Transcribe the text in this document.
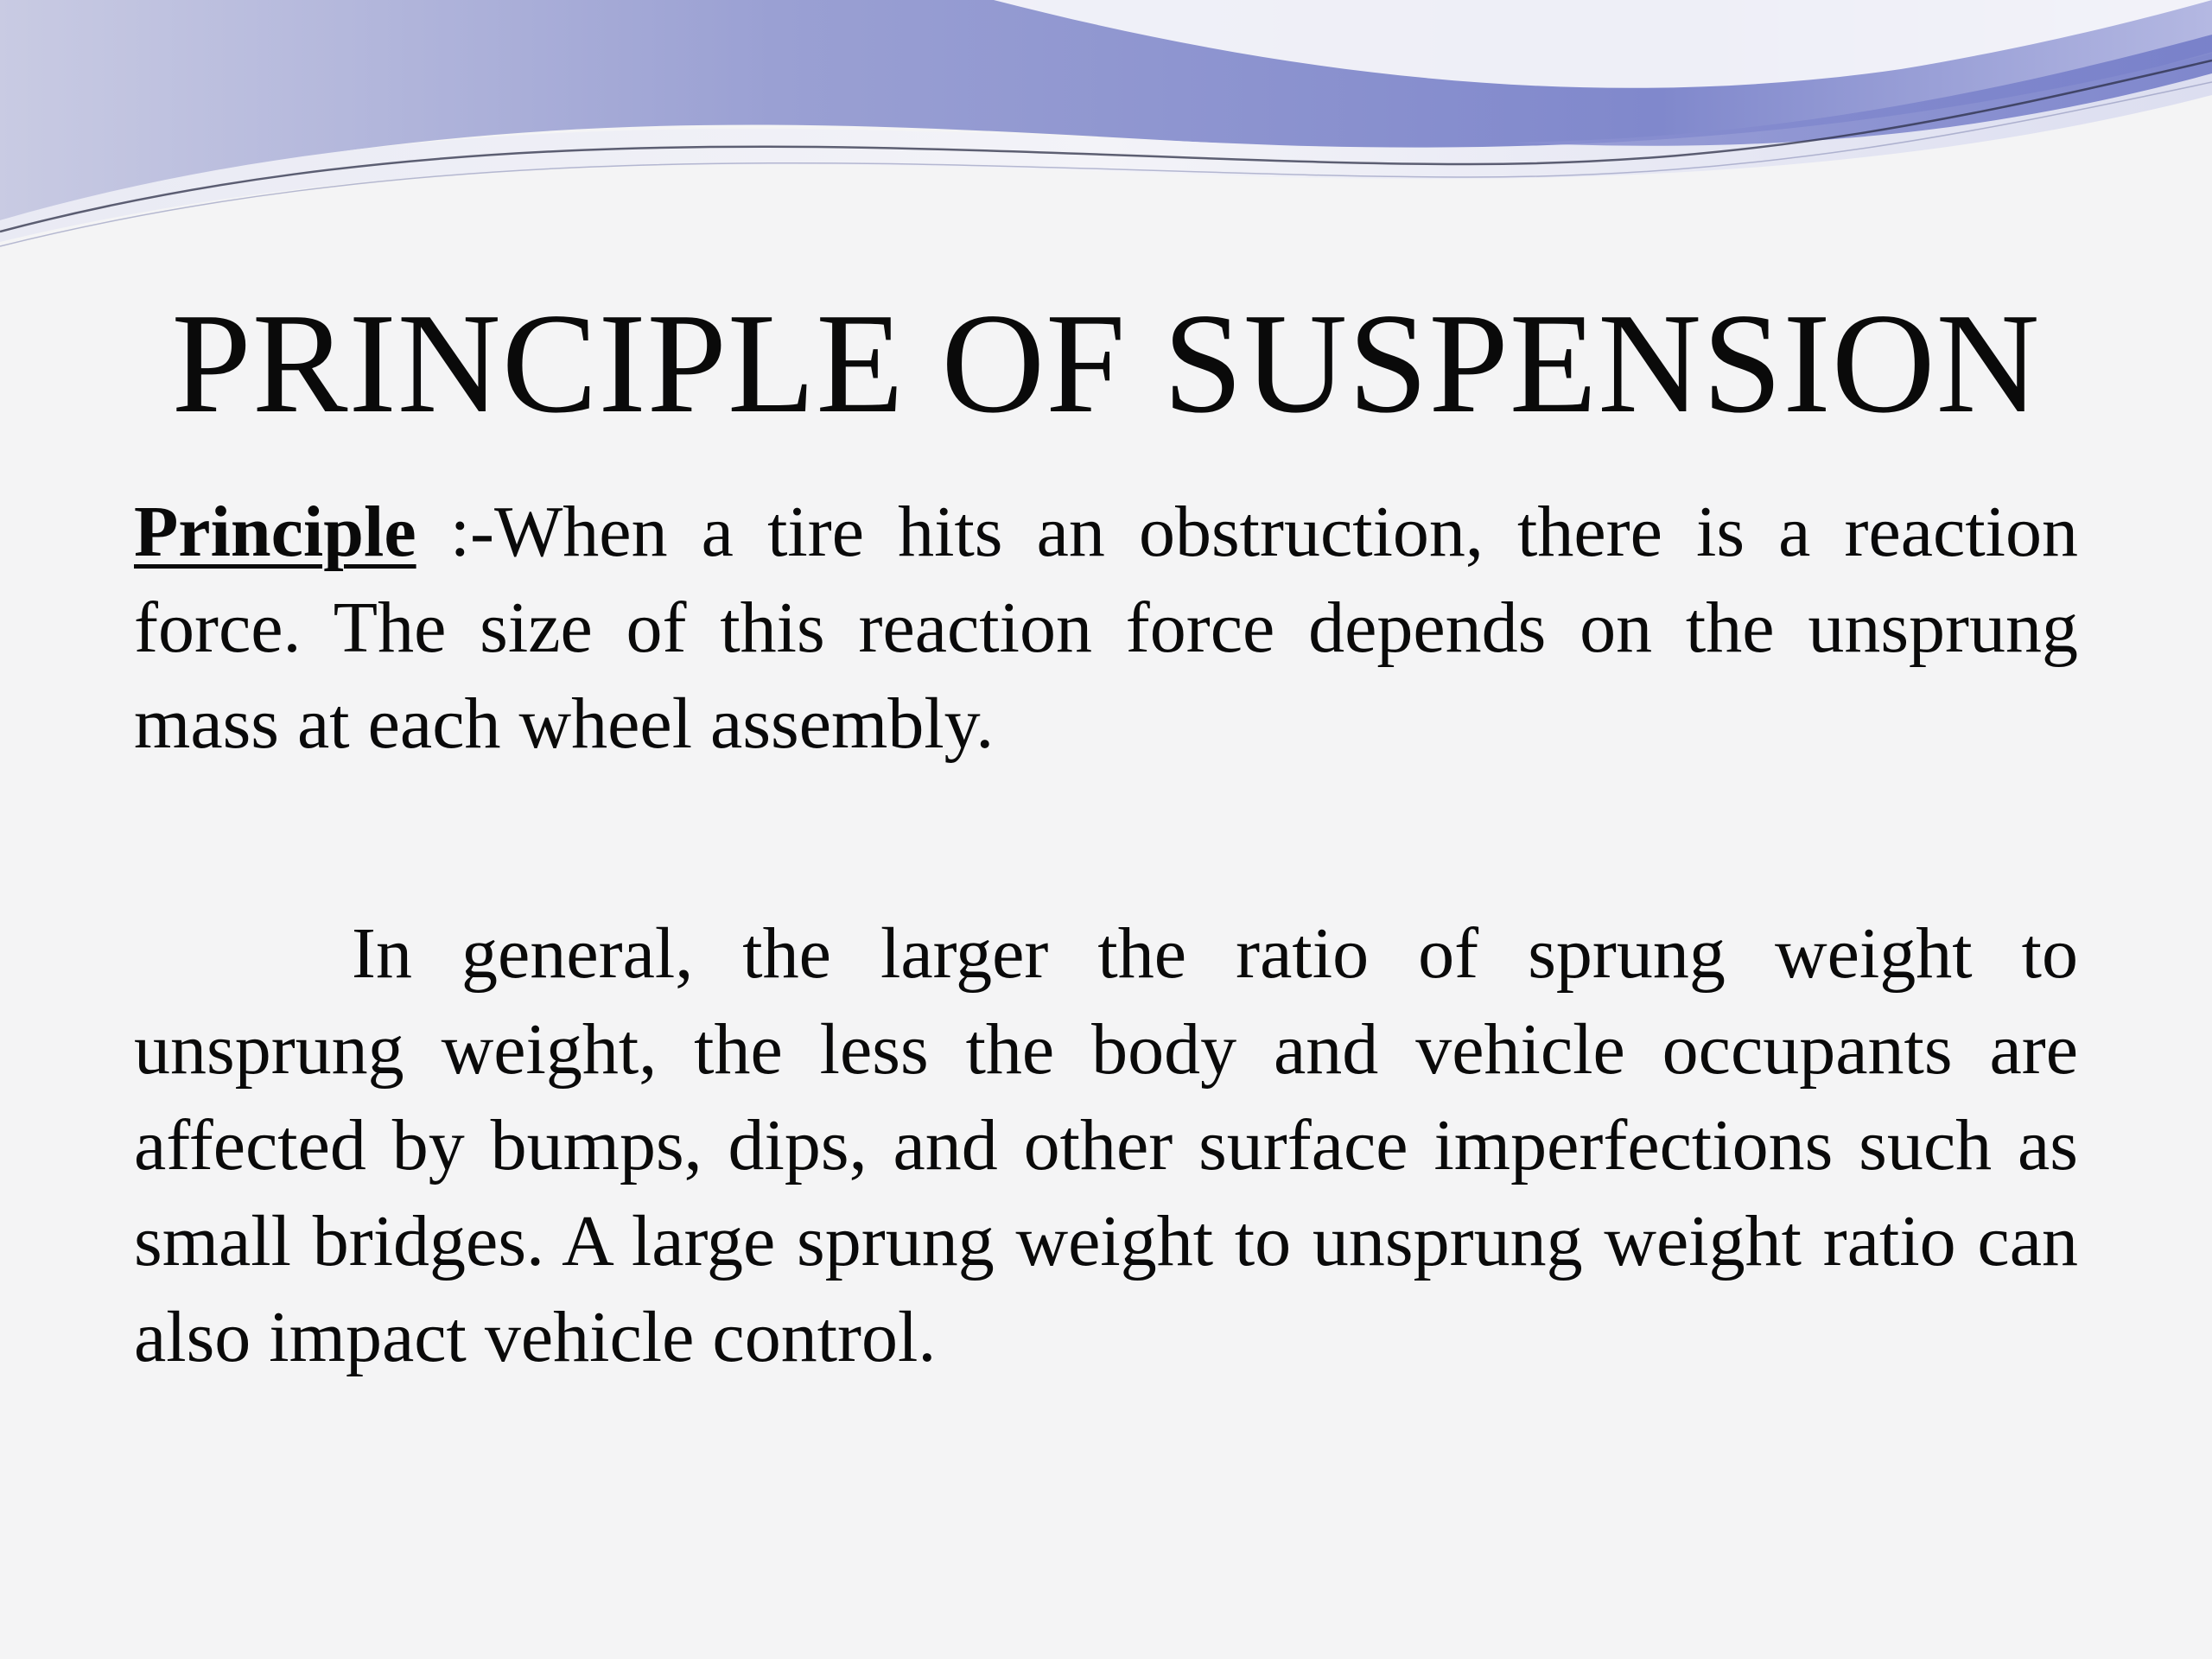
PRINCIPLE OF SUSPENSION

Principle :-When a tire hits an obstruction, there is a reaction force. The size of this reaction force depends on the unsprung mass at each wheel assembly.

In general, the larger the ratio of sprung weight to unsprung weight, the less the body and vehicle occupants are affected by bumps, dips, and other surface imperfections such as small bridges. A large sprung weight to unsprung weight ratio can also impact vehicle control.
